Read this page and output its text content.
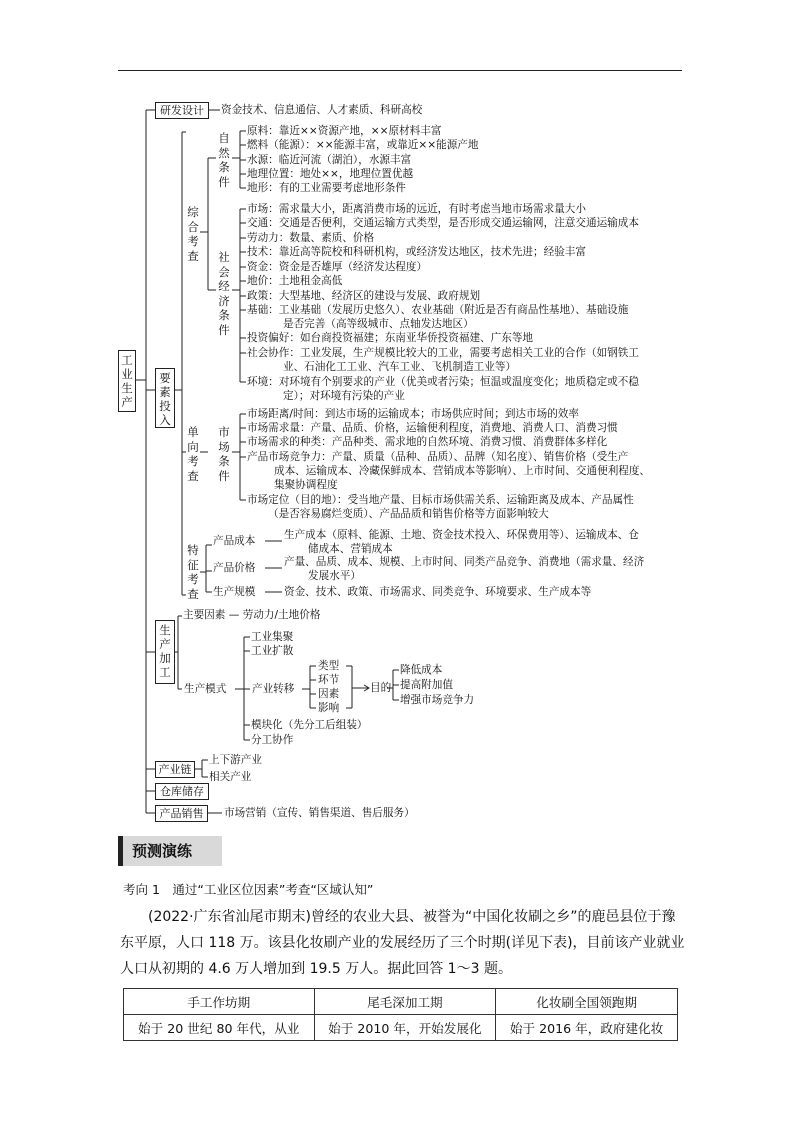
研发设计	资金技术、信息通信、人才素质、科研高校
工业生产
要素投入
生产加工
产业链
仓库储存
产品销售
综合考查
自然条件
社会经济条件
单向考查
市场条件
特征考查
原料：靠近××资源产地，××原材料丰富
燃料（能源）：××能源丰富，或靠近××能源产地
水源：临近河流（湖泊），水源丰富
地理位置：地处××，地理位置优越
地形：有的工业需要考虑地形条件
市场：需求量大小，距离消费市场的远近，有时考虑当地市场需求量大小
交通：交通是否便利，交通运输方式类型，是否形成交通运输网，注意交通运输成本
劳动力：数量、素质、价格
技术：靠近高等院校和科研机构，或经济发达地区，技术先进；经验丰富
资金：资金是否雄厚（经济发达程度）
地价：土地租金高低
政策：大型基地、经济区的建设与发展、政府规划
基础：工业基础（发展历史悠久）、农业基础（附近是否有商品性基地）、基础设施
是否完善（高等级城市、点轴发达地区）
投资偏好：如台商投资福建；东南亚华侨投资福建、广东等地
社会协作：工业发展，生产规模比较大的工业，需要考虑相关工业的合作（如钢铁工
业、石油化工工业、汽车工业、飞机制造工业等）
环境：对环境有个别要求的产业（优美或者污染；恒温或温度变化；地质稳定或不稳
定）；对环境有污染的产业
市场距离/时间：到达市场的运输成本；市场供应时间；到达市场的效率
市场需求量：产量、品质、价格，运输便利程度，消费地、消费人口、消费习惯
市场需求的种类：产品种类、需求地的自然环境、消费习惯、消费群体多样化
产品市场竞争力：产量、质量（品种、品质）、品牌（知名度）、销售价格（受生产
成本、运输成本、冷藏保鲜成本、营销成本等影响）、上市时间、交通便利程度、
集聚协调程度
市场定位（目的地）：受当地产量、目标市场供需关系、运输距离及成本、产品属性
（是否容易腐烂变质）、产品品质和销售价格等方面影响较大
产品成本	生产成本（原料、能源、土地、资金技术投入、环保费用等）、运输成本、仓
储成本、营销成本
产品价格	产量、品质、成本、规模、上市时间、同类产品竞争、消费地（需求量、经济
发展水平）
生产规模	资金、技术、政策、市场需求、同类竞争、环境要求、生产成本等
主要因素 — 劳动力/土地价格
生产模式
工业集聚
工业扩散
产业转移
类型
环节
因素
影响
目的
降低成本
提高附加值
增强市场竞争力
模块化（先分工后组装）
分工协作
上下游产业
相关产业
市场营销（宣传、销售渠道、售后服务）
预测演练
考向 1　通过“工业区位因素”考查“区域认知”
(2022·广东省汕尾市期末)曾经的农业大县、被誉为“中国化妆刷之乡”的鹿邑县位于豫
东平原，人口 118 万。该县化妆刷产业的发展经历了三个时期(详见下表)，目前该产业就业
人口从初期的 4.6 万人增加到 19.5 万人。据此回答 1～3 题。
手工作坊期	尾毛深加工期	化妆刷全国领跑期
始于 20 世纪 80 年代，从业	始于 2010 年，开始发展化	始于 2016 年，政府建化妆
